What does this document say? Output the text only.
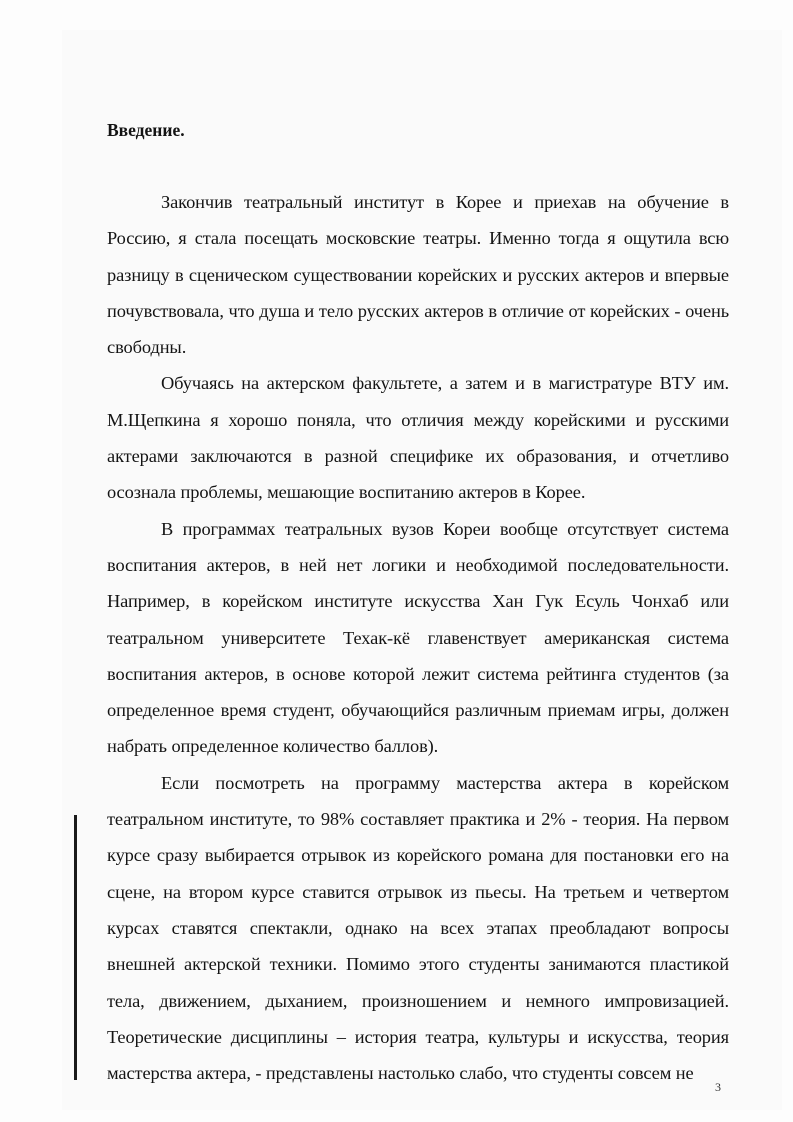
Введение.

Закончив театральный институт в Корее и приехав на обучение в Россию, я стала посещать московские театры. Именно тогда я ощутила всю разницу в сценическом существовании корейских и русских актеров и впервые почувствовала, что душа и тело русских актеров в отличие от корейских - очень свободны.

Обучаясь на актерском факультете, а затем и в магистратуре ВТУ им. М.Щепкина я хорошо поняла, что отличия между корейскими и русскими актерами заключаются в разной специфике их образования, и отчетливо осознала проблемы, мешающие воспитанию актеров в Корее.

В программах театральных вузов Кореи вообще отсутствует система воспитания актеров, в ней нет логики и необходимой последовательности. Например, в корейском институте искусства Хан Гук Есуль Чонхаб или театральном университете Техак-кё главенствует американская система воспитания актеров, в основе которой лежит система рейтинга студентов (за определенное время студент, обучающийся различным приемам игры, должен набрать определенное количество баллов).

Если посмотреть на программу мастерства актера в корейском театральном институте, то 98% составляет практика и 2% - теория. На первом курсе сразу выбирается отрывок из корейского романа для постановки его на сцене, на втором курсе ставится отрывок из пьесы. На третьем и четвертом курсах ставятся спектакли, однако на всех этапах преобладают вопросы внешней актерской техники. Помимо этого студенты занимаются пластикой тела, движением, дыханием, произношением и немного импровизацией. Теоретические дисциплины – история театра, культуры и искусства, теория мастерства актера, - представлены настолько слабо, что студенты совсем не

3
